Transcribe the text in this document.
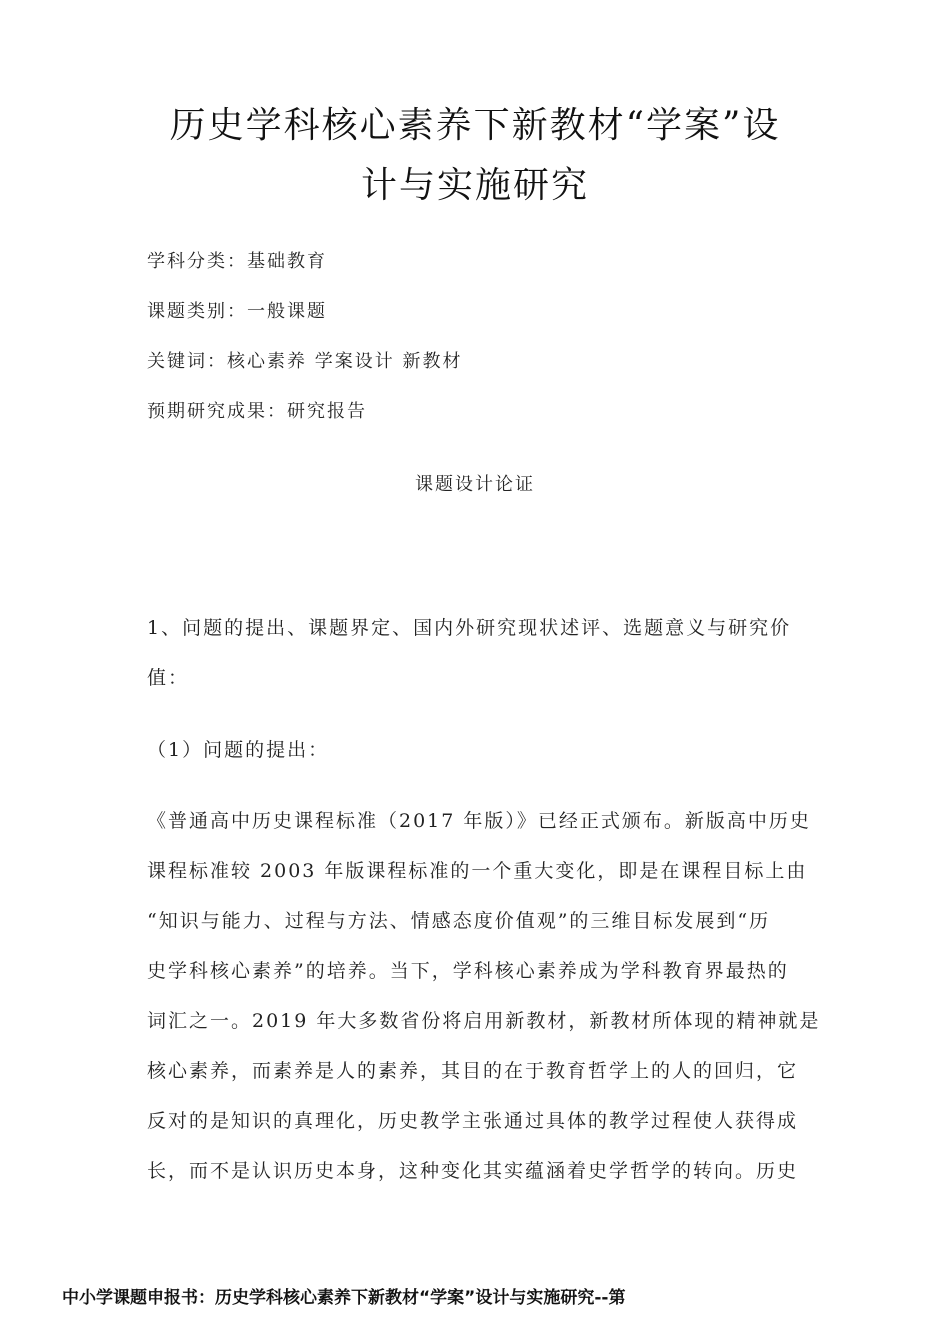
历史学科核心素养下新教材“学案”设
计与实施研究
学科分类：基础教育
课题类别：一般课题
关键词：核心素养 学案设计 新教材
预期研究成果：研究报告
课题设计论证
1、问题的提出、课题界定、国内外研究现状述评、选题意义与研究价
值：
（1）问题的提出：
《普通高中历史课程标准（2017 年版）》已经正式颁布。新版高中历史
课程标准较 2003 年版课程标准的一个重大变化，即是在课程目标上由
“知识与能力、过程与方法、情感态度价值观”的三维目标发展到“历
史学科核心素养”的培养。当下，学科核心素养成为学科教育界最热的
词汇之一。2019 年大多数省份将启用新教材，新教材所体现的精神就是
核心素养，而素养是人的素养，其目的在于教育哲学上的人的回归，它
反对的是知识的真理化，历史教学主张通过具体的教学过程使人获得成
长，而不是认识历史本身，这种变化其实蕴涵着史学哲学的转向。历史
中小学课题申报书：历史学科核心素养下新教材“学案”设计与实施研究--第
